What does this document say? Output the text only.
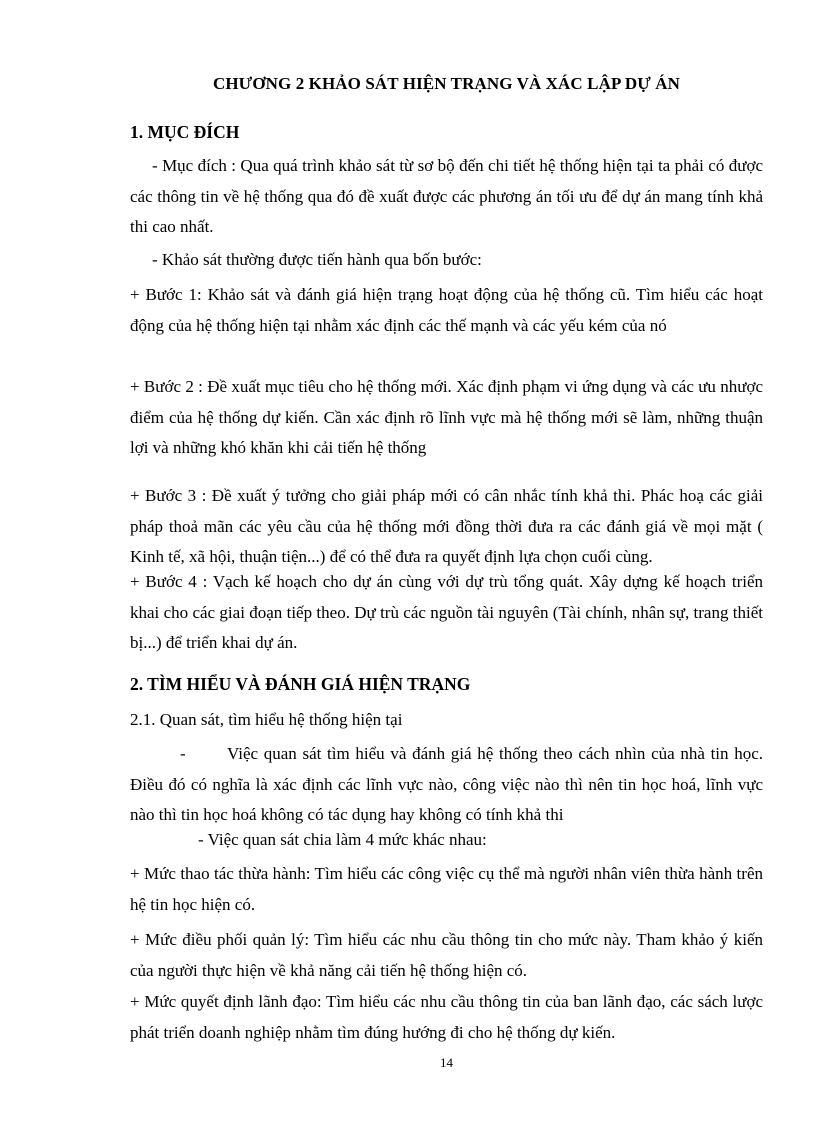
CHƯƠNG 2 KHẢO SÁT HIỆN TRẠNG VÀ XÁC LẬP DỰ ÁN
1. MỤC ĐÍCH
- Mục đích : Qua quá trình khảo sát từ sơ bộ đến chi tiết hệ thống hiện tại ta phải có được các thông tin về hệ thống qua đó đề xuất được các phương án tối ưu để dự án mang tính khả thi cao nhất.
- Khảo sát thường được tiến hành qua bốn bước:
+ Bước 1: Khảo sát và đánh giá hiện trạng hoạt động của hệ thống cũ. Tìm hiểu các hoạt động của hệ thống hiện tại nhằm xác định các thế mạnh và các yếu kém của nó
+ Bước 2 : Đề xuất mục tiêu cho hệ thống mới. Xác định phạm vi ứng dụng và các ưu nhược điểm của hệ thống dự kiến. Cần xác định rõ lĩnh vực mà hệ thống mới sẽ làm, những thuận lợi và những khó khăn khi cải tiến hệ thống
+ Bước 3 : Đề xuất ý tưởng cho giải pháp mới có cân nhắc tính khả thi. Phác hoạ các giải pháp thoả mãn các yêu cầu của hệ thống mới đồng thời đưa ra các đánh giá về mọi mặt ( Kinh tế, xã hội, thuận tiện...) để có thể đưa ra quyết định lựa chọn cuối cùng.
+ Bước 4 : Vạch kế hoạch cho dự án cùng với dự trù tổng quát. Xây dựng kế hoạch triển khai cho các giai đoạn tiếp theo. Dự trù các nguồn tài nguyên (Tài chính, nhân sự, trang thiết bị...) để triển khai dự án.
2. TÌM HIỂU VÀ ĐÁNH GIÁ HIỆN TRẠNG
2.1. Quan sát, tìm hiểu hệ thống hiện tại
-	Việc quan sát tìm hiểu và đánh giá hệ thống theo cách nhìn của nhà tin học. Điều đó có nghĩa là xác định các lĩnh vực nào, công việc nào thì nên tin học hoá, lĩnh vực nào thì tin học hoá không có tác dụng hay không có tính khả thi
- Việc quan sát chia làm 4 mức khác nhau:
+ Mức thao tác thừa hành: Tìm hiểu các công việc cụ thể mà người nhân viên thừa hành trên hệ tin học hiện có.
+ Mức điều phối quản lý: Tìm hiểu các nhu cầu thông tin cho mức này. Tham khảo ý kiến của người thực hiện về khả năng cải tiến hệ thống hiện có.
+ Mức quyết định lãnh đạo: Tìm hiểu các nhu cầu thông tin của ban lãnh đạo, các sách lược phát triển doanh nghiệp nhằm tìm đúng hướng đi cho hệ thống dự kiến.
14
